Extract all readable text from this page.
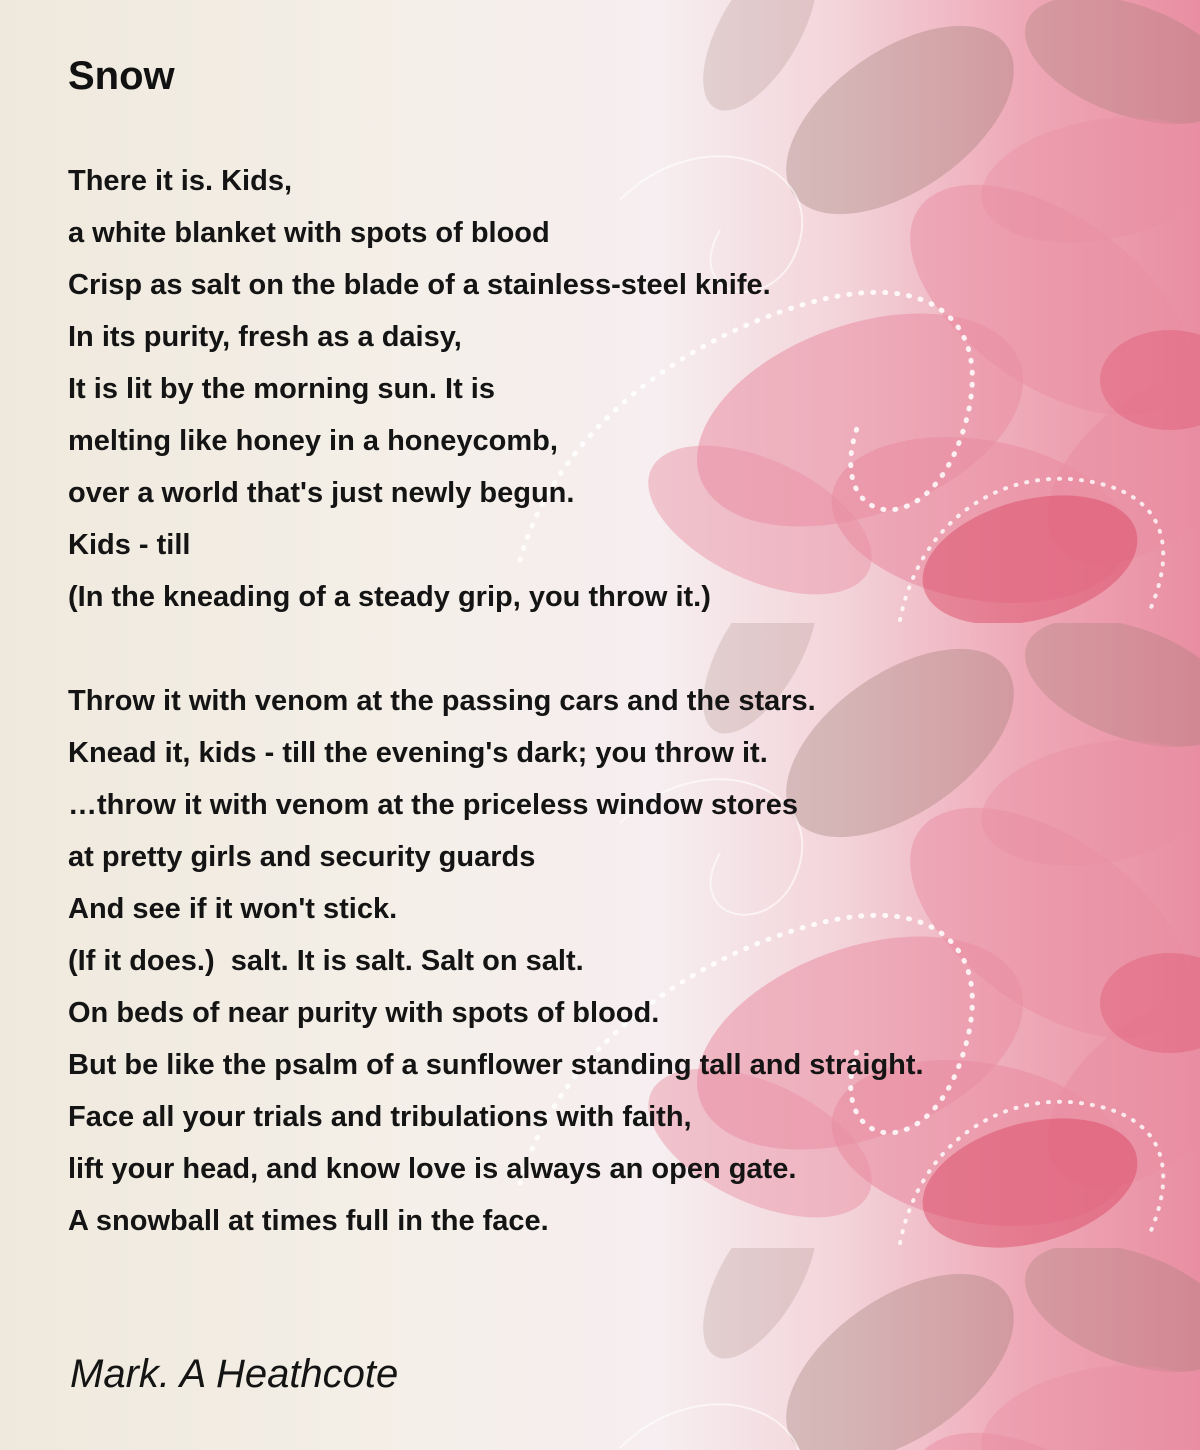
Snow
There it is. Kids,
a white blanket with spots of blood
Crisp as salt on the blade of a stainless-steel knife.
In its purity, fresh as a daisy,
It is lit by the morning sun. It is
melting like honey in a honeycomb,
over a world that's just newly begun.
Kids - till
(In the kneading of a steady grip, you throw it.)
Throw it with venom at the passing cars and the stars.
Knead it, kids - till the evening's dark; you throw it.
…throw it with venom at the priceless window stores
at pretty girls and security guards
And see if it won't stick.
(If it does.)  salt. It is salt. Salt on salt.
On beds of near purity with spots of blood.
But be like the psalm of a sunflower standing tall and straight.
Face all your trials and tribulations with faith,
lift your head, and know love is always an open gate.
A snowball at times full in the face.

Mark. A Heathcote
